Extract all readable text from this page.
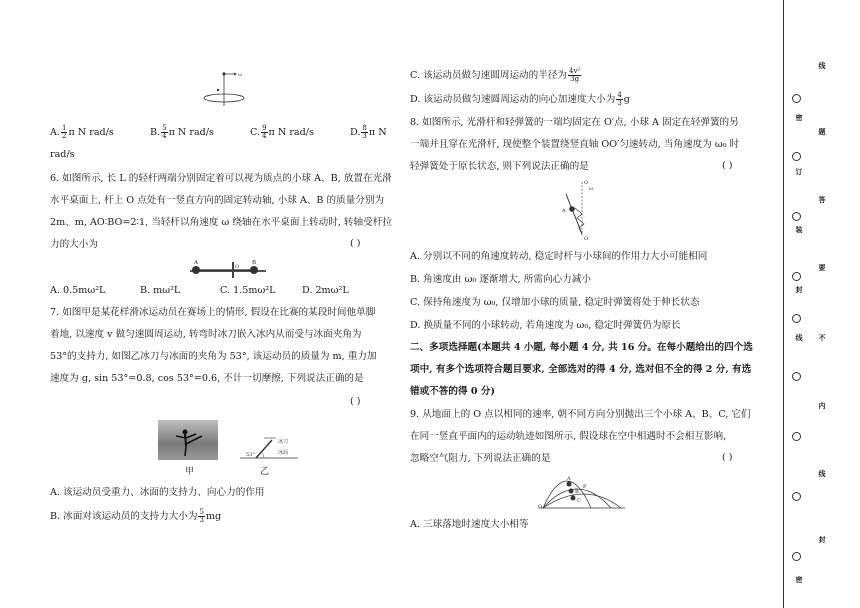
ω
A. $\frac{1}{2}$ π N rad/s	B. $\frac{5}{4}$ π N rad/s	C. $\frac{9}{4}$ π N rad/s	D. $\frac{8}{3}$ π N
rad/s
6. 如图所示, 长 L 的轻杆两端分别固定着可以视为质点的小球 A、B, 放置在光滑
水平桌面上, 杆上 O 点处有一竖直方向的固定转动轴, 小球 A、B 的质量分别为
2m、m, AO∶BO=2∶1, 当轻杆以角速度 ω 绕轴在水平桌面上转动时, 转轴受杆拉
力的大小为	( )
A
O
B
A. 0.5mω²L	B. mω²L	C. 1.5mω²L	D. 2mω²L
7. 如图甲是某花样滑冰运动员在赛场上的情形, 假设在比赛的某段时间他单脚
着地, 以速度 v 做匀速圆周运动, 转弯时冰刀嵌入冰内从而受与冰面夹角为
53°的支持力, 如图乙冰刀与冰面的夹角为 53°, 该运动员的质量为 m, 重力加
速度为 g, sin 53°=0.8, cos 53°=0.6, 不计一切摩擦, 下列说法正确的是
( )
甲
53°
冰刀
冰面
乙
A. 该运动员受重力、冰面的支持力、向心力的作用
B. 冰面对该运动员的支持力大小为 $\frac{5}{3}$ mg
C. 该运动员做匀速圆周运动的半径为 $\frac{\text{4v²}}{3g}$
D. 该运动员做匀速圆周运动的向心加速度大小为 $\frac{4}{3}$ g
8. 如图所示, 光滑杆和轻弹簧的一端均固定在 O′点, 小球 A 固定在轻弹簧的另
一端并且穿在光滑杆, 现使整个装置绕竖直轴 OO′匀速转动, 当角速度为 ω₀ 时
轻弹簧处于原长状态, 则下列说法正确的是	( )
O
ω
A
O′
A. 分别以不同的角速度转动, 稳定时杆与小球间的作用力大小可能相同
B. 角速度由 ω₀ 逐渐增大, 所需向心力减小
C. 保持角速度为 ω₀, 仅增加小球的质量, 稳定时弹簧将处于伸长状态
D. 换质量不同的小球转动, 若角速度为 ω₀, 稳定时弹簧仍为原长
二、多项选择题(本题共 4 小题, 每小题 4 分, 共 16 分。在每小题给出的四个选
项中, 有多个选项符合题目要求, 全部选对的得 4 分, 选对但不全的得 2 分, 有选
错或不答的得 0 分)
9. 从地面上的 O 点以相同的速率, 朝不同方向分别抛出三个小球 A、B、C, 它们
在同一竖直平面内的运动轨迹如图所示, 假设球在空中相遇时不会相互影响,
忽略空气阻力, 下列说法正确的是	( )
A
B
C
P
O
A. 三球落地时速度大小相等
线
题
答
要
不
内
线
封
密
线
订
装
封
密
